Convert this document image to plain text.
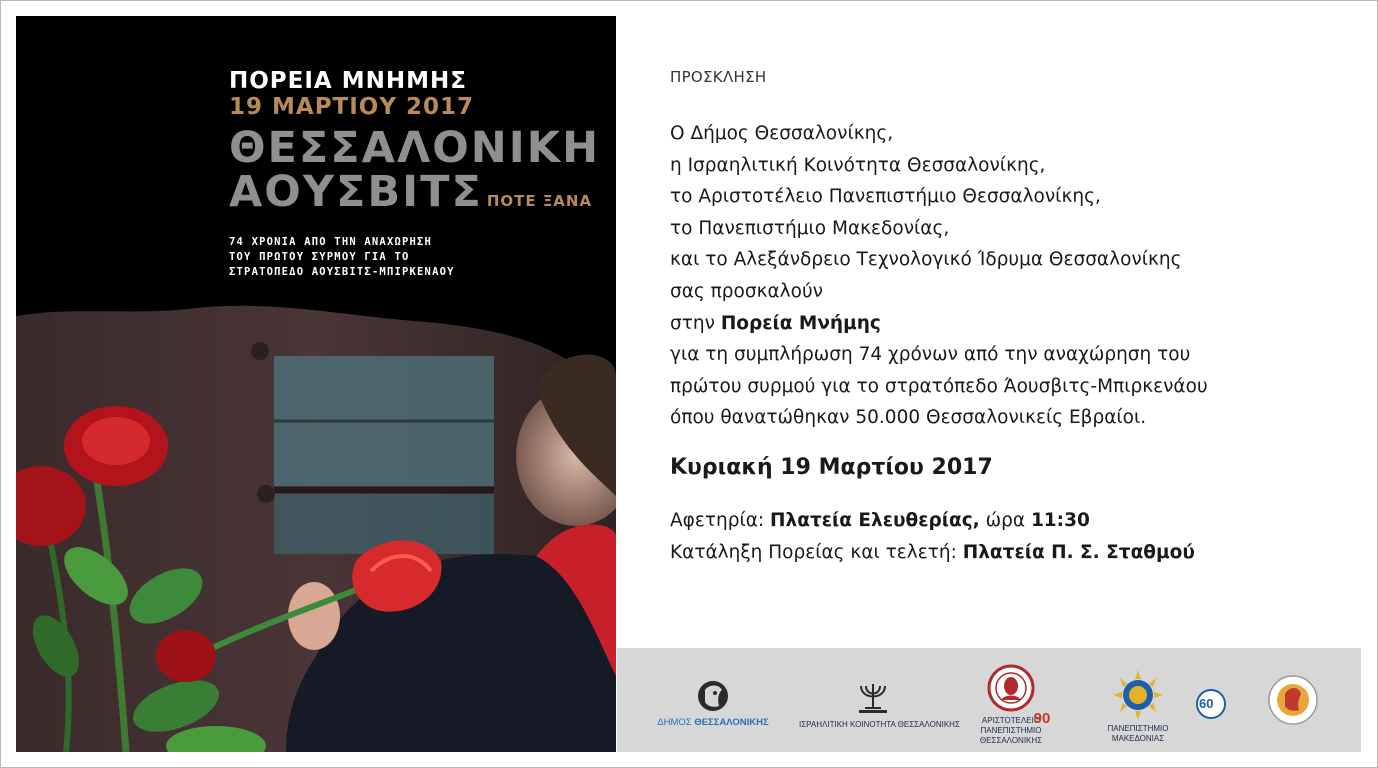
ΠΟΡΕΙΑ ΜΝΗΜΗΣ
19 ΜΑΡΤΙΟΥ 2017
ΘΕΣΣΑΛΟΝΙΚΗ
ΑΟΥΣΒΙΤΣ ΠΟΤΕ ΞΑΝΑ
74 ΧΡΟΝΙΑ ΑΠΟ ΤΗΝ ΑΝΑΧΩΡΗΣΗ
ΤΟΥ ΠΡΩΤΟΥ ΣΥΡΜΟΥ ΓΙΑ ΤΟ
ΣΤΡΑΤΟΠΕΔΟ ΑΟΥΣΒΙΤΣ-ΜΠΙΡΚΕΝΑΟΥ
ΠΡΟΣΚΛΗΣΗ
Ο Δήμος Θεσσαλονίκης,
η Ισραηλιτική Κοινότητα Θεσσαλονίκης,
το Αριστοτέλειο Πανεπιστήμιο Θεσσαλονίκης,
το Πανεπιστήμιο Μακεδονίας,
και το Αλεξάνδρειο Τεχνολογικό Ίδρυμα Θεσσαλονίκης
σας προσκαλούν
στην Πορεία Μνήμης
για τη συμπλήρωση 74 χρόνων από την αναχώρηση του
πρώτου συρμού για το στρατόπεδο Άουσβιτς-Μπιρκενάου
όπου θανατώθηκαν 50.000 Θεσσαλονικείς Εβραίοι.
Κυριακή 19 Μαρτίου 2017
Αφετηρία: Πλατεία Ελευθερίας, ώρα 11:30
Κατάληξη Πορείας και τελετή: Πλατεία Π. Σ. Σταθμού
ΔΗΜΟΣ ΘΕΣΣΑΛΟΝΙΚΗΣ	ΙΣΡΑΗΛΙΤΙΚΗ ΚΟΙΝΟΤΗΤΑ ΘΕΣΣΑΛΟΝΙΚΗΣ	ΑΡΙΣΤΟΤΕΛΕΙΟ
ΠΑΝΕΠΙΣΤΗΜΙΟ
ΘΕΣΣΑΛΟΝΙΚΗΣ
90
ΠΑΝΕΠΙΣΤΗΜΙΟ
ΜΑΚΕΔΟΝΙΑΣ
60
